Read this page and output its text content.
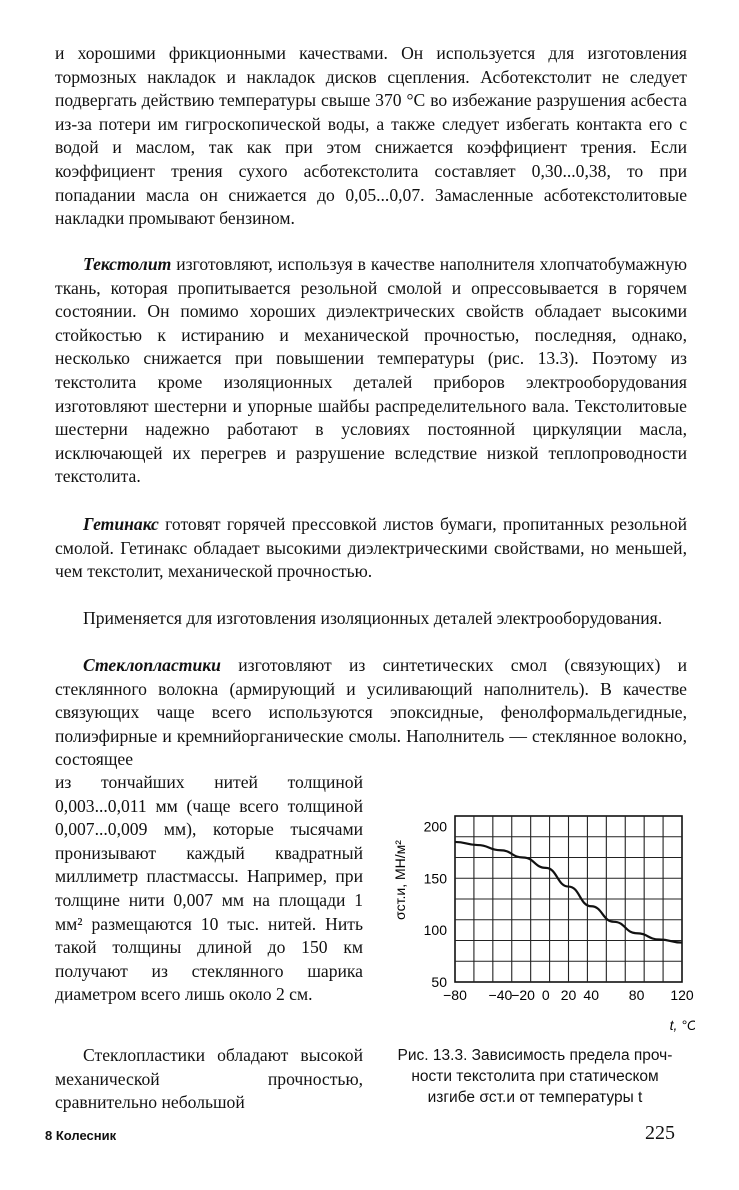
и хорошими фрикционными качествами. Он используется для изготовления тормозных накладок и накладок дисков сцепления. Асботекстолит не следует подвергать действию температуры свыше 370 °С во избежание разрушения асбеста из-за потери им гигроскопической воды, а также следует избегать контакта его с водой и маслом, так как при этом снижается коэффициент трения. Если коэффициент трения сухого асботекстолита составляет 0,30...0,38, то при попадании масла он снижается до 0,05...0,07. Замасленные асботекстолитовые накладки промывают бензином.

Текстолит изготовляют, используя в качестве наполнителя хлопчатобумажную ткань, которая пропитывается резольной смолой и опрессовывается в горячем состоянии. Он помимо хороших диэлектрических свойств обладает высокими стойкостью к истиранию и механической прочностью, последняя, однако, несколько снижается при повышении температуры (рис. 13.3). Поэтому из текстолита кроме изоляционных деталей приборов электрооборудования изготовляют шестерни и упорные шайбы распределительного вала. Текстолитовые шестерни надежно работают в условиях постоянной циркуляции масла, исключающей их перегрев и разрушение вследствие низкой теплопроводности текстолита.

Гетинакс готовят горячей прессовкой листов бумаги, пропитанных резольной смолой. Гетинакс обладает высокими диэлектрическими свойствами, но меньшей, чем текстолит, механической прочностью.

Применяется для изготовления изоляционных деталей электрооборудования.

Стеклопластики изготовляют из синтетических смол (связующих) и стеклянного волокна (армирующий и усиливающий наполнитель). В качестве связующих чаще всего используются эпоксидные, фенолформальдегидные, полиэфирные и кремнийорганические смолы. Наполнитель — стеклянное волокно, состоящее

из тончайших нитей толщиной 0,003...0,011 мм (чаще всего толщиной 0,007...0,009 мм), которые тысячами пронизывают каждый квадратный миллиметр пластмассы. Например, при толщине нити 0,007 мм на площади 1 мм² размещаются 10 тыс. нитей. Нить такой толщины длиной до 150 км получают из стеклянного шарика диаметром всего лишь около 2 см.

Стеклопластики обладают высокой механической прочностью, сравнительно небольшой

50
100
150
200
−80 −40
−20 0 20 40 80 120
σст.и, МН/м²
t, °С
Рис. 13.3. Зависимость предела проч-
ности текстолита при статическом
изгибе σст.и от температуры t
8 Колесник	225
